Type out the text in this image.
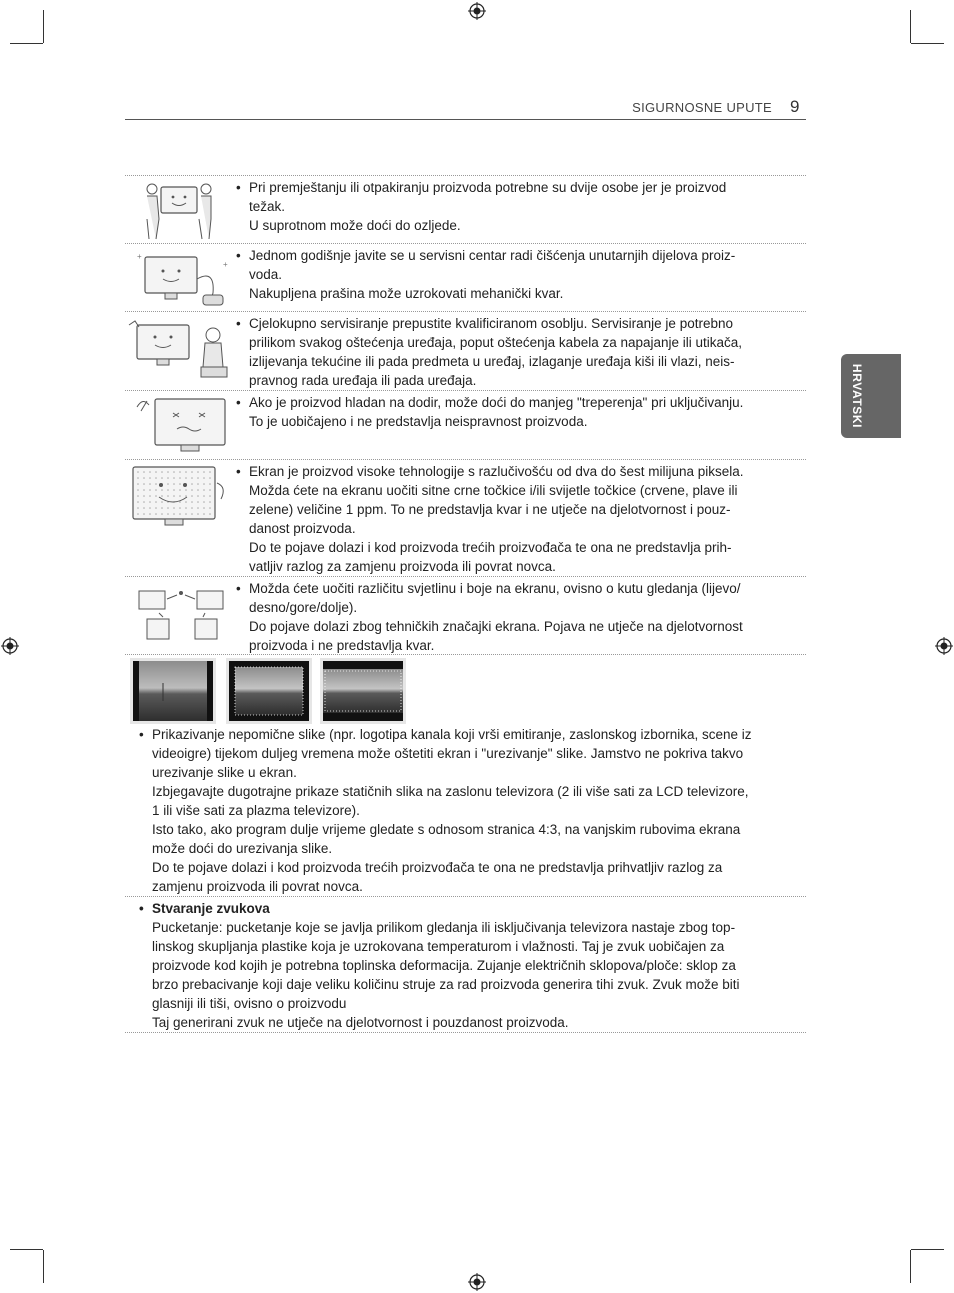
SIGURNOSNE UPUTE 9
HRVATSKI
• Pri premještanju ili otpakiranju proizvoda potrebne su dvije osobe jer je proizvod

težak.

U suprotnom može doći do ozljede.

+
+
• Jednom godišnje javite se u servisni centar radi čišćenja unutarnjih dijelova proiz-

voda.

Nakupljena prašina može uzrokovati mehanički kvar.

• Cjelokupno servisiranje prepustite kvalificiranom osoblju. Servisiranje je potrebno

prilikom svakog oštećenja uređaja, poput oštećenja kabela za napajanje ili utikača,

izlijevanja tekućine ili pada predmeta u uređaj, izlaganje uređaja kiši ili vlazi, neis-

pravnog rada uređaja ili pada uređaja.

• Ako je proizvod hladan na dodir, može doći do manjeg "treperenja" pri uključivanju.

To je uobičajeno i ne predstavlja neispravnost proizvoda.

• Ekran je proizvod visoke tehnologije s razlučivošću od dva do šest milijuna piksela.

Možda ćete na ekranu uočiti sitne crne točkice i/ili svijetle točkice (crvene, plave ili

zelene) veličine 1 ppm. To ne predstavlja kvar i ne utječe na djelotvornost i pouz-

danost proizvoda.

Do te pojave dolazi i kod proizvoda trećih proizvođača te ona ne predstavlja prih-

vatljiv razlog za zamjenu proizvoda ili povrat novca.

• Možda ćete uočiti različitu svjetlinu i boje na ekranu, ovisno o kutu gledanja (lijevo/

desno/gore/dolje).

Do pojave dolazi zbog tehničkih značajki ekrana. Pojava ne utječe na djelotvornost

proizvoda i ne predstavlja kvar.

• Prikazivanje nepomične slike (npr. logotipa kanala koji vrši emitiranje, zaslonskog izbornika, scene iz

videoigre) tijekom duljeg vremena može oštetiti ekran i "urezivanje" slike. Jamstvo ne pokriva takvo

urezivanje slike u ekran.

Izbjegavajte dugotrajne prikaze statičnih slika na zaslonu televizora (2 ili više sati za LCD televizore,

1 ili više sati za plazma televizore).

Isto tako, ako program dulje vrijeme gledate s odnosom stranica 4:3, na vanjskim rubovima ekrana

može doći do urezivanja slike.

Do te pojave dolazi i kod proizvoda trećih proizvođača te ona ne predstavlja prihvatljiv razlog za

zamjenu proizvoda ili povrat novca.

• Stvaranje zvukova

Pucketanje: pucketanje koje se javlja prilikom gledanja ili isključivanja televizora nastaje zbog top-

linskog skupljanja plastike koja je uzrokovana temperaturom i vlažnosti. Taj je zvuk uobičajen za

proizvode kod kojih je potrebna toplinska deformacija. Zujanje električnih sklopova/ploče: sklop za

brzo prebacivanje koji daje veliku količinu struje za rad proizvoda generira tihi zvuk. Zvuk može biti

glasniji ili tiši, ovisno o proizvodu

Taj generirani zvuk ne utječe na djelotvornost i pouzdanost proizvoda.
